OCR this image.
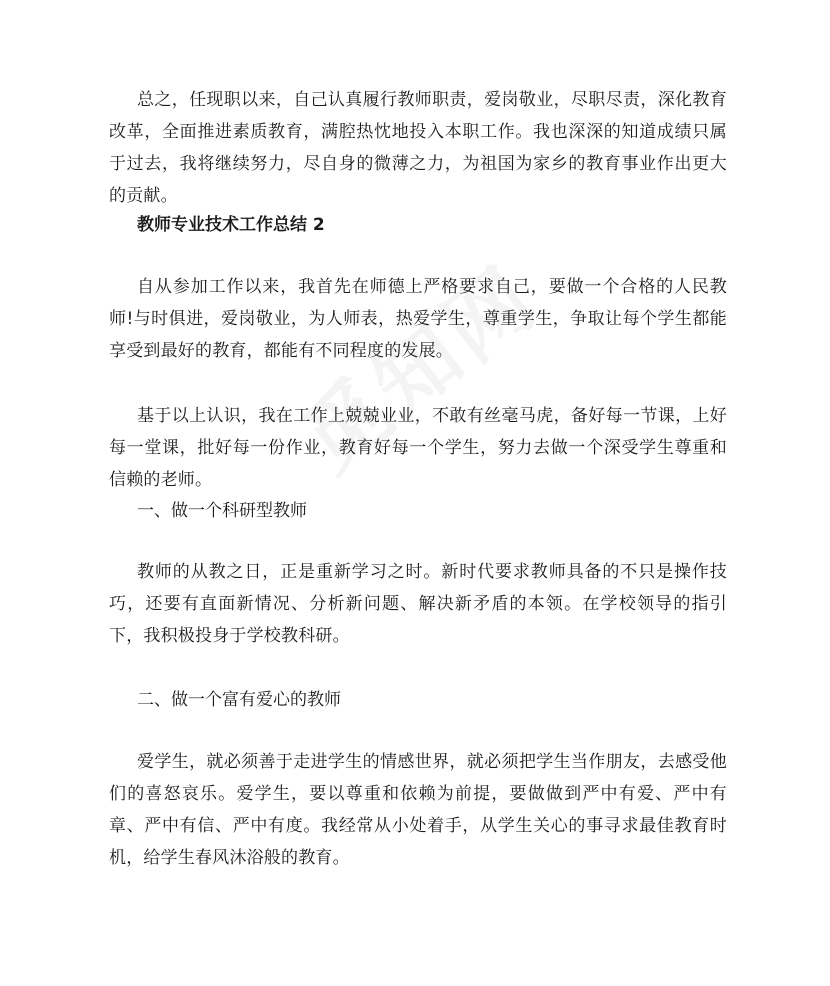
总之，任现职以来，自己认真履行教师职责，爱岗敬业，尽职尽责，深化教育改革，全面推进素质教育，满腔热忱地投入本职工作。我也深深的知道成绩只属于过去，我将继续努力，尽自身的微薄之力，为祖国为家乡的教育事业作出更大的贡献。

教师专业技术工作总结 2

自从参加工作以来，我首先在师德上严格要求自己，要做一个合格的人民教师!与时俱进，爱岗敬业，为人师表，热爱学生，尊重学生，争取让每个学生都能享受到最好的教育，都能有不同程度的发展。

基于以上认识，我在工作上兢兢业业，不敢有丝毫马虎，备好每一节课，上好每一堂课，批好每一份作业，教育好每一个学生，努力去做一个深受学生尊重和信赖的老师。

一、做一个科研型教师

教师的从教之日，正是重新学习之时。新时代要求教师具备的不只是操作技巧，还要有直面新情况、分析新问题、解决新矛盾的本领。在学校领导的指引下，我积极投身于学校教科研。

二、做一个富有爱心的教师

爱学生，就必须善于走进学生的情感世界，就必须把学生当作朋友，去感受他们的喜怒哀乐。爱学生，要以尊重和依赖为前提，要做做到严中有爱、严中有章、严中有信、严中有度。我经常从小处着手，从学生关心的事寻求最佳教育时机，给学生春风沐浴般的教育。
